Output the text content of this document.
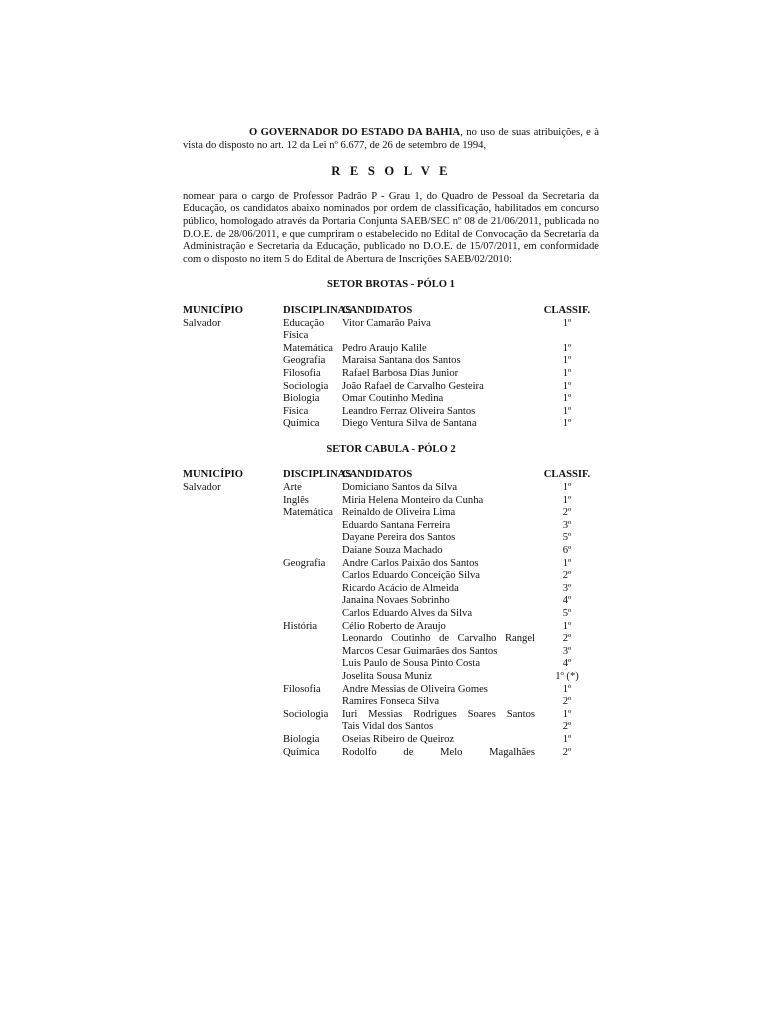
O GOVERNADOR DO ESTADO DA BAHIA, no uso de suas atribuições, e à vista do disposto no art. 12 da Lei nº 6.677, de 26 de setembro de 1994,

R E S O L V E

nomear para o cargo de Professor Padrão P - Grau 1, do Quadro de Pessoal da Secretaria da Educação, os candidatos abaixo nominados por ordem de classificação, habilitados em concurso público, homologado através da Portaria Conjunta SAEB/SEC nº 08 de 21/06/2011, publicada no D.O.E. de 28/06/2011, e que cumpriram o estabelecido no Edital de Convocação da Secretaria da Administração e Secretaria da Educação, publicado no D.O.E. de 15/07/2011, em conformidade com o disposto no item 5 do Edital de Abertura de Inscrições SAEB/02/2010:

SETOR BROTAS - PÓLO 1
MUNICÍPIO	DISCIPLINAS	CANDIDATOS	CLASSIF.
Salvador	Educação Física	Vitor Camarão Paiva	1º
	Matemática	Pedro Araujo Kalile	1º
	Geografia	Maraisa Santana dos Santos	1º
	Filosofia	Rafael Barbosa Dias Junior	1º
	Sociologia	João Rafael de Carvalho Gesteira	1º
	Biologia	Omar Coutinho Medina	1º
	Física	Leandro Ferraz Oliveira Santos	1º
	Química	Diego Ventura Silva de Santana	1º
SETOR CABULA - PÓLO 2
MUNICÍPIO	DISCIPLINAS	CANDIDATOS	CLASSIF.
Salvador	Arte	Domiciano Santos da Silva	1º
	Inglês	Miria Helena Monteiro da Cunha	1º
	Matemática	Reinaldo de Oliveira Lima	2º
		Eduardo Santana Ferreira	3º
		Dayane Pereira dos Santos	5º
		Daiane Souza Machado	6º
	Geografia	Andre Carlos Paixão dos Santos	1º
		Carlos Eduardo Conceição Silva	2º
		Ricardo Acácio de Almeida	3º
		Janaina Novaes Sobrinho	4º
		Carlos Eduardo Alves da Silva	5º
	História	Célio Roberto de Araujo	1º
		Leonardo Coutinho de Carvalho Rangel	2º
		Marcos Cesar Guimarães dos Santos	3º
		Luis Paulo de Sousa Pinto Costa	4º
		Joselita Sousa Muniz	1º (*)
	Filosofia	Andre Messias de Oliveira Gomes	1º
		Ramires Fonseca Silva	2º
	Sociologia	Iuri Messias Rodrigues Soares Santos	1º
		Tais Vidal dos Santos	2º
	Biologia	Oseias Ribeiro de Queiroz	1º
	Química	Rodolfo de Melo Magalhães	2º
